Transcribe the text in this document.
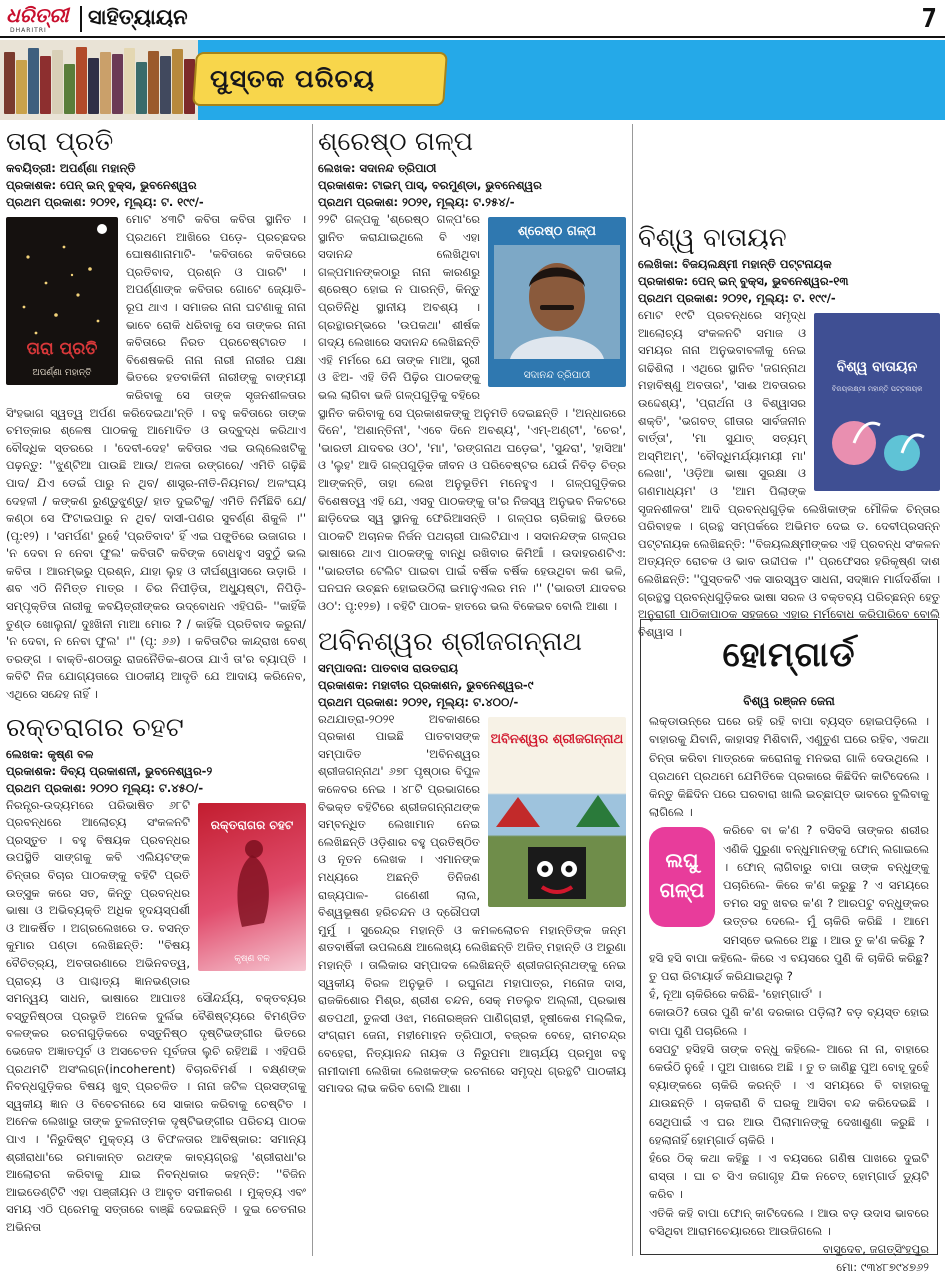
ଧରିତ୍ରୀ
DHARITRI
ସାହିତ୍ୟାୟନ	7
ପୁସ୍ତକ ପରିଚୟ
ତାରା ପ୍ରତି
କବୟିତ୍ରୀ: ଅପର୍ଣ୍ଣା ମହାନ୍ତି
ପ୍ରକାଶକ: ପେନ୍ ଇନ୍ ବୁକ୍ସ, ଭୁବନେଶ୍ୱର
ପ୍ରଥମ ପ୍ରକାଶ: ୨୦୨୧, ମୂଲ୍ୟ: ଟ. ୧୯୯/-
ତାରା ପ୍ରତି
ଅପର୍ଣ୍ଣା ମହାନ୍ତି

ମୋଟ ୪୩ଟି କବିତା କବିତା ସ୍ଥାନିତ । ପ୍ରଥମେ ଆଖିରେ ପଡ଼େ- ପ୍ରଚ୍ଛଦର ଘୋଷଣାନାମାଟି- 'କବିତାରେ କବିତାରେ ପ୍ରତିବାଦ, ପ୍ରଶ୍ନ ଓ ପାରଟି' । ଅପର୍ଣ୍ଣାଙ୍କ କବିତାର ଗୋଟେ ଜ୍ୟୋତି-ରୂପ ଥାଏ । ସମାଜର ନାନା ଘଟଣାକୁ ନାନା ଭାବେ ରୋକି ଧରିବାକୁ ସେ ତାଙ୍କର ନାନା କବିତାରେ ନିରତ ପ୍ରଚେଷ୍ଟାରତ । ବିଶେଷକରି ନାନା ନାରୀ ନାରୀର ପକ୍ଷା ଭିତରେ ହତବାକିନୀ ନାରୀଙ୍କୁ ବାଙ୍ମୟୀ କରିବାକୁ ସେ ତାଙ୍କ ସୃଜନଶୀଳତାର ସିଂହଭାଗ ସ୍ୱତ୍ୱ ଅର୍ପଣ କରିଦେଇଥା'ନ୍ତି । ବହୁ କବିତାରେ ତାଙ୍କ ଚମତ୍କାର ଶ୍ଳେଷ ପାଠକକୁ ଆମୋଦିତ ଓ ଉଦ୍ବୁଦ୍ଧ କରିଥାଏ ବୌଦ୍ଧିକ ସ୍ତରରେ । 'ଦେବୀ-ଦେହ' କବିତାର ଏଇ ଉଲ୍ଲେଖଟିକୁ ପଢ଼ନ୍ତୁ: ''ଝୁଣ୍ଟିଆ ପାଉଛି ଆଉ/ ଅଳତା ରଙ୍ଗରେ/ ଏମିତି ଗଢ଼ିଛି ପାଦ/ ଯିଏ ଡେଇଁ ପାରୁ ନ ଥିବ/ ଶାସ୍ତ୍ର-ନୀତି-ନିୟମର/ ଅଳଂଘ୍ୟ ଦେହଳୀ / କଙ୍କଣ ରୁଣ୍ଡୁଝୁଣ୍ଡୁ/ ହାତ ଦୁଇଟିକୁ/ ଏମିତି ନିର୍ମିଛିବି ଯେ/ କଣ୍ଠା ସେ ଫିଟାଇପାରୁ ନ ଥିବ/ ଦାସୀ-ପଣର ସୁବର୍ଣ୍ଣ ଶିକୁଳି ।'' (ପୃ:୧୨) । 'ସମର୍ପଣ' ରୁହେଁ 'ପ୍ରତିବାଦ' ହିଁ ଏଇ ପଙ୍କ୍ତିରେ ଉଜାଗର । 'ନ ଦେବା ନ ନେବା ଫୁଲ' କବିତାଟି କବିଙ୍କ ବୋଧହୁଏ ସବୁଠୁଁ ଭଲ କବିତା । ଆରମ୍ଭରୁ ପ୍ରଶ୍ନ, ଯାହା ଲୁହ ଓ ଦୀର୍ଘଶ୍ୱାସରେ ଉଡ଼ାରି । ଶବ ଏଠି ନିମିତ୍ତ ମାତ୍ର । ଚିର ନିପୀଡ଼ିତା, ଅଧ୍ୟୁଷ୍ଟା, ନିପିଡ଼ି-ସମ୍ପୃକ୍ତିତା ନାରୀକୁ କବୟିତ୍ରୀଙ୍କର ଉଦ୍‌ବୋଧନ ଏହିପରି- ''କାହିଁକି ତୁଣ୍ଡ ଖୋଲୁନା/ ଦୁଃଖିନୀ ମାଆ ମୋର ? / କାହିଁକି ପ୍ରତିବାଦ କରୁନା/ 'ନ ଦେବା, ନ ନେବା ଫୁଲ' ।'' (ପୃ: ୬୬) । କବିତାଟିର କାନ୍ଦ୍ରାଖ ବେଶ୍ ତରଙ୍ଗ । ବାକ୍ତି-ଶଠତାରୁ ରାଜନୈତିକ-ଶଠତା ଯାଏଁ ତା'ର ବ୍ୟାପ୍ତି । କବିଟି ନିଜ ଯୋଗ୍ୟତାରେ ପାଠକୀୟ ଆଦୃତି ଯେ ଆଦାୟ କରିନେବ, ଏଥିରେ ସନ୍ଦେହ ନାହିଁ ।

ରକ୍ତରାଗର ଚହଟ
ଲେଖକ: କୃଷ୍ଣ ବଳ
ପ୍ରକାଶକ: ଦିବ୍ୟ ପ୍ରକାଶନୀ, ଭୁବନେଶ୍ୱର-୨
ପ୍ରଥମ ପ୍ରକାଶ: ୨୦୨୦ ମୂଲ୍ୟ: ଟ.୪୫୦/-
ରକ୍ତରାଗର ଚହଟ
କୃଷ୍ଣ ବଳ

ନିରନ୍ତ୍ର-ଉଦ୍ୟମରେ ପରିଭାଷିତ ୬୮ଟି ପ୍ରବନ୍ଧରେ ଆଲୋଚ୍ୟ ସଂକଳନଟି ପ୍ରସ୍ତୁତ । ବହୁ ବିଷୟକ ପ୍ରବନ୍ଧର ଉପସ୍ଥିତି ସାଙ୍ଗକୁ କବି ଏଲିୟଟଙ୍କ ଚିନ୍ତାର ବିଚାର ପାଠକଙ୍କୁ ବହିଟି ପ୍ରତି ଉତ୍ସୁକ କରେ ସତ, କିନ୍ତୁ ପ୍ରବନ୍ଧର ଭାଷା ଓ ଅଭିବ୍ୟକ୍ତି ଅଧିକ ହୃଦୟସ୍ପର୍ଶୀ ଓ ଆକର୍ଷିତ । ଅଗ୍ରଲେଖରେ ଡ. ବସନ୍ତ କୁମାର ପଣ୍ଡା ଲେଖିଛନ୍ତି: ''ବିଷୟ ବୈଚିତ୍ର୍ୟ, ଅବତାରଣାରେ ଅଭିନବତ୍ୱ, ପ୍ରାଚ୍ୟ ଓ ପାଶ୍ଚାତ୍ୟ ଜ୍ଞାନଭଣ୍ଡାର ସମନ୍ୱୟ ସାଧନ, ଭାଷାରେ ଆପାତଃ ସୌନ୍ଦର୍ଯ୍ୟ, ବକ୍ତବ୍ୟର ବସ୍ତୁନିଷ୍ଠତା ପ୍ରଭୃତି ଅନେକ ଦୁର୍ଲଭ ବୈଶିଷ୍ଟ୍ୟରେ ବିମଣ୍ଡିତ ବଳଙ୍କର ରଚନାଗୁଡ଼ିକରେ ବସ୍ତୁନିଷ୍ଠ ଦୃଷ୍ଟିଭଙ୍ଗୀର ଭିତରେ ଭେଜେବ ଅଜ୍ଞାତପୂର୍ବ ଓ ଅସଚେତନ ପୂର୍ବଜତା ଲୁଚି ରହିଅଛି । ଏହିପରି ପ୍ରଥମଟି ଅସଂଲଗ୍ନ(incoherent) ବିଚାରବିମର୍ଶ । ବକ୍ଷ୍ଣଙ୍କ ନିବନ୍ଧଗୁଡ଼ିକର ବିଷୟ ଖୁବ୍ ପ୍ରଚଳିତ । ନାନା ଜଟିଳ ପ୍ରସଙ୍ଗକୁ ସ୍ୱକୀୟ ଜ୍ଞାନ ଓ ବିବେଚନାରେ ସେ ସାକାର କରିବାକୁ ଚେଷ୍ଟିତ । ଅନେକ ଲେଖାରୁ ତାଙ୍କ ତୁଳନାତ୍ମକ ଦୃଷ୍ଟିଭଙ୍ଗୀର ପରିଚୟ ପାଠକ ପାଏ । 'ନିରୁଦିଷ୍ଟ ମୁକ୍ତ୍ୟ ଓ ବିଫଳତାର ଆବିଷ୍କାର: ସମାନ୍ୟ ଶ୍ରୀରାଧା'ରେ ରମାକାନ୍ତ ରଥଙ୍କ କାବ୍ୟଗ୍ରନ୍ଥ 'ଶ୍ରୀରାଧା'ର ଆଲୋଚନା କରିବାକୁ ଯାଇ ନିବନ୍ଧକାର କହନ୍ତି: ''ବିଜିନ ଆଇଡେଣ୍ଟିଟି ଏହା ପଞ୍ଜୀୟନ ଓ ଆବୃତ ସମୀକରଣ । ମୁକ୍ତ୍ୟ ଏବଂ ସମୟ ଏଠି ପ୍ରେମକୁ ସତ୍ତାରେ ବାଞ୍ଛି ଦେଇଛନ୍ତି । ଦୁଇ ଚେତନାର ଅଭିନତା

ଶ୍ରେଷ୍ଠ ଗଳ୍ପ
ଲେଖକ: ସଦାନନ୍ଦ ତ୍ରିପାଠୀ
ପ୍ରକାଶକ: ଟାଇମ୍ ପାସ୍, ବରମୁଣ୍ଡା, ଭୁବନେଶ୍ୱର
ପ୍ରଥମ ପ୍ରକାଶ: ୨୦୨୧, ମୂଲ୍ୟ: ଟ.୨୫୪/-
ଶ୍ରେଷ୍ଠ ଗଳ୍ପ
ସଦାନନ୍ଦ ତ୍ରିପାଠୀ

୨୨ଟି ଗଳ୍ପକୁ 'ଶ୍ରେଷ୍ଠ ଗଳ୍ପ'ରେ ସ୍ଥାନିତ କରାଯାଇଥିଲେ ବି ଏହା ସଦାନନ୍ଦ ଲେଖିଥିବା ଗଳ୍ପମାନଙ୍କଠାରୁ ନାନା କାରଣରୁ ଶ୍ରେଷ୍ଠ ହୋଇ ନ ପାରନ୍ତି, କିନ୍ତୁ ପ୍ରତିନିଧି ସ୍ଥାନୀୟ ଅବଶ୍ୟ । ଗ୍ରନ୍ଥାରମ୍ଭରେ 'ଉପକଥା' ଶୀର୍ଷକ ଗଦ୍ୟ ଲେଖାରେ ସଦାନନ୍ଦ ଲେଖିଛନ୍ତି ଏହି ମର୍ମରେ ଯେ ତାଙ୍କ ମାଆ, ସ୍ତ୍ରୀ ଓ ଝିଅ- ଏହି ତିନି ପିଢ଼ିର ପାଠକଙ୍କୁ ଭଲ ଲାଗିବା ଭଳି ଗଳ୍ପଗୁଡ଼ିକୁ ବହିରେ ସ୍ଥାନିତ କରିବାକୁ ସେ ପ୍ରକାଶକଙ୍କୁ ଅନୁମତି ଦେଇଛନ୍ତି । 'ଅନ୍ଧାରରେ ଦିନେ', 'ଅଶାନ୍ତିନୀ', 'ଏବେ ଦିନେ ଅବଶ୍ୟ', 'ଏମ୍-ଅଣ୍ଟୀ', 'ଚେର', 'ଭାରତୀ ଯାଦବର ଓ୦', 'ମା', 'ରଙ୍ଗନାଥ ଘଡ଼େଇ', 'ସୁନ୍ଦରା', 'ହାସିଆ' ଓ 'ଲୁହ' ଆଦି ଗଳ୍ପଗୁଡ଼ିକ ଜୀବନ ଓ ପରିବେଷ୍ଟର ଯେଉଁ ନିବିଡ଼ ଚିତ୍ର ଆଙ୍କନ୍ତି, ତାହା ଲେଖ ଅନୁଭୂତିମ ମନେହୁଏ । ଗଳ୍ପଗୁଡ଼ିକର ବିଶେଷତ୍ୱ ଏହି ଯେ, ଏସବୁ ପାଠକଙ୍କୁ ତା'ର ନିଜସ୍ୱ ଅନୁଭବ ନିକଟରେ ଛାଡ଼ିଦେଇ ସ୍ୱ ସ୍ଥାନକୁ ଫେରିଆସନ୍ତି । ଗଳ୍ପର ଚାରିକାନ୍ଥ ଭିତରେ ପାଠକଟି ଅଚାନକ ନିର୍ଜନ ପଥଚାରୀ ପାଲଟିଯାଏ । ସଦାନନ୍ଦଙ୍କ ଗଳ୍ପର ଭାଷାରେ ଥାଏ ପାଠକଙ୍କୁ ବାନ୍ଧି ରଖିବାର କିମିଆଁ । ଉଦାହରଣଟିଏ: ''ଭାରତୀର ଟେଲିଟ ପାଇବା ପାଇଁ ବର୍ଷିକ ବର୍ଷିକ ହେଉଥିବା କଣ ଭଳି, ଘନଘନ ଉଚ୍ଛନ ହୋଇଉଠିଲା ଇମାନୁଏଲର ମନ ।'' ('ଭାରତୀ ଯାଦବର ଓ୦': ପୃ:୧୨୭) । ବହିଟି ପାଠକ- ହାତରେ ଭଲ ବିକେଇବ ବୋଲି ଆଶା ।

ଅବିନଶ୍ୱର ଶ୍ରୀଜଗନ୍ନାଥ
ସମ୍ପାଦନା: ପାତବାସ ରାଉତରାୟ
ପ୍ରକାଶକ: ମହାବୀର ପ୍ରକାଶନ, ଭୁବନେଶ୍ୱର-୯
ପ୍ରଥମ ପ୍ରକାଶ: ୨୦୨୧, ମୂଲ୍ୟ: ଟ.୪୦୦/-
ଅବିନଶ୍ୱର ଶ୍ରୀଜଗନ୍ନାଥ

ରଥଯାତ୍ରା-୨୦୨୧ ଅବକାଶରେ ପ୍ରକାଶ ପାଇଛି ପାତବାସଙ୍କ ସମ୍ପାଦିତ 'ଅବିନଶ୍ୱର ଶ୍ରୀଜଗନ୍ନାଥ' ୬୭୮ ପୃଷ୍ଠାର ବିପୁଳ କଳେବର ନେଇ । ୪୮ଟି ପ୍ରଭାଗରେ ବିଭକ୍ତ ବହିଟିରେ ଶ୍ରୀଜଗନ୍ନାଥଙ୍କ ସମ୍ବନ୍ଧିତ ଲେଖାମାନ ନେଇ ଲେଖିଛନ୍ତି ଓଡ଼ିଶାର ବହୁ ପ୍ରତିଷ୍ଠିତ ଓ ନୂତନ ଲେଖକ । ଏମାନଙ୍କ ମଧ୍ୟରେ ଅଛନ୍ତି ତିନିଜଣ ରାଜ୍ୟପାଳ- ଗଣେଶୀ ଲାଲ, ବିଶ୍ୱଭୂଷଣ ହରିଚନ୍ଦନ ଓ ଦ୍ରୌପଦୀ ମୁର୍ମୁ । ସୁରେନ୍ଦ୍ର ମହାନ୍ତି ଓ କମଳଲୋଚନ ମହାନ୍ତିଙ୍କ ଜନ୍ମ ଶତବାର୍ଷିକୀ ଉପଲକ୍ଷେ ଆଲେଖ୍ୟ ଲେଖିଛନ୍ତି ଅଜିତ୍ ମହାନ୍ତି ଓ ଅରୁଣା ମହାନ୍ତି । ତାଲିକାର ସମ୍ପାଦକ ଲେଖିଛନ୍ତି ଶ୍ରୀଜଗନ୍ନାଥଙ୍କୁ ନେଇ ସ୍ୱକୀୟ ବିରଳ ଅନୁଭୂତି । ରଘୁନାଥ ମହାପାତ୍ର, ମନୋଜ ଦାସ, ରାଜକିଶୋର ମିଶ୍ର, ଶ୍ରୀଶ ଚନ୍ଦନ, ସେକ୍ ମତଲୁବ ଅଲ୍ଲୀ, ପ୍ରଭାଷ ଶତପଥୀ, ତୁଳସୀ ଓଝା, ମନୋରଞ୍ଜନ ପାଣିଗ୍ରାହୀ, ହୃଷୀକେଶ ମଲ୍ଲିକ, ସଂଗ୍ରାମ ଜେନା, ମହୀମୋହନ ତ୍ରିପାଠୀ, ବଜ୍ରକ ବେହେ, ରାମଚନ୍ଦ୍ର ବେହେରା, ନିତ୍ୟାନନ୍ଦ ନାୟକ ଓ ନିରୁପମା ଆଚାର୍ଯ୍ୟ ପ୍ରମୁଖ ବହୁ ନାମୀଦାମୀ ଲେଖିକା ଲେଖକଙ୍କ ରଚନାରେ ସମୃଦ୍ଧ ଗ୍ରନ୍ଥଟି ପାଠକୀୟ ସମାଦର ଲାଭ କରିବ ବୋଲି ଆଶା ।

ବିଶ୍ୱ ବାତାୟନ
ଲେଖିକା: ବିଜୟଲକ୍ଷ୍ମୀ ମହାନ୍ତି ପଟ୍ଟନାୟକ
ପ୍ରକାଶକ: ପେନ୍ ଇନ୍ ବୁକ୍ସ, ଭୁବନେଶ୍ୱର-୧୩
ପ୍ରଥମ ପ୍ରକାଶ: ୨୦୨୧, ମୂଲ୍ୟ: ଟ. ୧୯୯/-
ବିଶ୍ୱ ବାତାୟନ
ବିଜୟଲକ୍ଷ୍ମୀ ମହାନ୍ତି ପଟ୍ଟନାୟକ

ମୋଟ ୧୯ଟି ପ୍ରବନ୍ଧରେ ସମୃଦ୍ଧ ଆଲୋଚ୍ୟ ସଂକଳନଟି ସମାଜ ଓ ସମୟର ନାନା ଅନୁଭବାବଳୀକୁ ନେଇ ଗଢିଶିଲା । ଏଥିରେ ସ୍ଥାନିତ 'ଜଗନ୍ନାଥ ମହାବିଷ୍ଣୁ ଅବତାର', 'ସାଈ ଅବତାରର ଉଦ୍ଦେଶ୍ୟ', 'ପ୍ରାର୍ଥନା ଓ ବିଶ୍ୱାସର ଶକ୍ତି', 'ଭଗବତ୍ ଗୀତାର ସାର୍ବଜନୀନ ବାର୍ତ୍ତା', 'ମା ସୁଯାତ୍ ସତ୍ୟମ୍ ଅସ୍ମିଅମ୍', 'ବୌଦ୍ଧିମର୍ଯ୍ୟାମୟୀ ମା' ଲେଖା', 'ଓଡ଼ିଆ ଭାଷା ସୁରକ୍ଷା ଓ ଗଣମାଧ୍ୟମ' ଓ 'ଆମ ପିଲାଙ୍କ ସୃଜନଶୀଳତା' ଆଦି ପ୍ରବନ୍ଧଗୁଡ଼ିକ ଲେଖିକାଙ୍କ ମୌଳିକ ଚିନ୍ତାର ପରିବାହକ । ଗ୍ରନ୍ଥ ସମ୍ପର୍କରେ ଅଭିମତ ଦେଇ ଡ. ଦେବୀପ୍ରସନ୍ନ ପଟ୍ଟନାୟକ ଲେଖିଛନ୍ତି: ''ବିଜୟଲକ୍ଷ୍ମୀଙ୍କର ଏହି ପ୍ରବନ୍ଧ ସଂକଳନ ଅତ୍ୟନ୍ତ ରୋଚକ ଓ ଭାବ ଉଦ୍ଦୀପକ ।'' ପ୍ରଫେସର ହରିକୃଷ୍ଣ ଦାଶ ଲେଖିଛନ୍ତି: ''ପୁସ୍ତକଟି ଏକ ସାରସ୍ୱତ ସାଧନା, ସଦ୍‌ଜ୍ଞାନ ମାର୍ଗଦର୍ଶିକା । ଗ୍ରନ୍ଥସ୍ଥ ପ୍ରବନ୍ଧଗୁଡ଼ିକର ଭାଷା ସରଳ ଓ ବକ୍ତବ୍ୟ ପରିଚ୍ଛନ୍ନ ହେତୁ ଅନୁରାଗୀ ପାଠିକାପାଠକ ସହଜରେ ଏହାର ମର୍ମବୋଧ କରିପାରିବେ ବୋଲି ବିଶ୍ୱାସ ।

ହୋମ୍‌ଗାର୍ଡ
ବିଶ୍ୱ ରଞ୍ଜନ ଜେନା

ଲକ୍‌ଡାଉନ୍‌ରେ ଘରେ ରହି ରହି ବାପା ବ୍ୟସ୍ତ ହୋଇପଡ଼ିଲେ । ବାହାରକୁ ଯିବାନି, କାହାସହ ମିଶିବାନି, ଏଣୁତୁଣ ଘରେ ରହିବ, ଏକଥା ଚିନ୍ତା କରିବା ମାତ୍ରକେ କରୋନାକୁ ମନଭରା ଗାଳି ଦେଉଥିଲେ । ପ୍ରଥମେ ପ୍ରଥମେ ଯେମିତିକେ ପ୍ରକାରେ କିଛିଦିନ କାଟିଦେଲେ । କିନ୍ତୁ କିଛିଦିନ ପରେ ଘରବାରା ଖାଲି ଇଚ୍ଛାପ୍ତ ଭାବରେ ବୁଲିବାକୁ ଲାଗିଲେ ।

ଲଘୁ ଗଳ୍ପ

କରିବେ ବା କ'ଣ ? ବସିବସି ତାଙ୍କର ଶରୀର ଏଣିକି ପୁରୁଣା ବନ୍ଧୁମାନଙ୍କୁ ଫୋନ୍ ଲଗାଇଲେ । ଫୋନ୍ ଲାଗିବାରୁ ବାପା ତାଙ୍କ ବନ୍ଧୁଙ୍କୁ ପଚାରିଲେ- କିରେ କ'ଣ କରୁଛୁ ? ଏ ସମୟରେ ତମର ସବୁ ଖବର କ'ଣ ? ଆରପଟୁ ବନ୍ଧୁଙ୍କର ଉତ୍ତର ଦେଲେ- ମୁଁ ଚାକିରି କରିଛି । ଆମେ ସମସ୍ତେ ଭଲରେ ଅଛୁ । ଆଉ ତୁ କ'ଣ କରିଛୁ ?

ହସି ହସି ବାପା କହିଲେ- କିରେ ଏ ବୟସରେ ପୁଣି କି ଚାକିରି କରିଛୁ? ତୁ ପରା ରିଟାୟାର୍ଡ କରିଯାଇଥିଲୁ ?

ହଁ, ନୂଆ ଚାକିରିରେ କରିଛି- 'ହୋମ୍‌ଗାର୍ଡ' ।

କୋଉଠି? ତୋର ପୁଣି କ'ଣ ଦରକାର ପଡ଼ିଲା? ବଡ଼ ବ୍ୟସ୍ତ ହୋଇ ବାପା ପୁଣି ପଚାରିଲେ ।

ସେପଟୁ ହସିହସି ତାଙ୍କ ବନ୍ଧୁ କହିଲେ- ଆରେ ନା ନା, ବାହାରେ କେଉଁଠି ନୁହେଁ । ପୁଅ ପାଖରେ ଅଛି । ତୁ ତ ଜାଣିଛୁ ପୁଅ ବୋହୂ ଦୁହେଁ ବ୍ୟାଙ୍କରେ ଚାକିରି କରନ୍ତି । ଏ ସମୟରେ ବି ବାହାରକୁ ଯାଉଛନ୍ତି । ଚାକରାଣି ବି ଘରକୁ ଆସିବା ବନ୍ଦ କରିଦେଇଛି । ସେଥିପାଇଁ ଏ ଘର ଆଉ ପିଲାମାନଙ୍କୁ ଦେଖାଶୁଣା କରୁଛି । ହେଲାନାହିଁ ହୋମ୍‌ଗାର୍ଡ ଚାକିରି ।

ହଁରେ ଠିକ୍ କଥା କହିଛୁ । ଏ ବୟସରେ ଗଣିଷ ପାଖରେ ଦୁଇଟି ରାସ୍ତା । ଘା ଚ ସିଏ ଜଗାଗୃହ ଯିକ ନଚେତ୍ ହୋମ୍‌ଗାର୍ଡ ଡ୍ୟୁଟି କରିବ ।

ଏତିକି କହି ବାପା ଫୋନ୍ କାଟିଦେଲେ । ଆଉ ବଡ଼ ଉଦାସ ଭାବରେ ବସିଥିବା ଆରାମଚେୟାରରେ ଆଉଜିଗଲେ ।

ବାସୁଦେବ, ଜଗତ୍‌ସିଂହପୁର
ମୋ: ୯୩୪୮୭୯୪୭୬୨
